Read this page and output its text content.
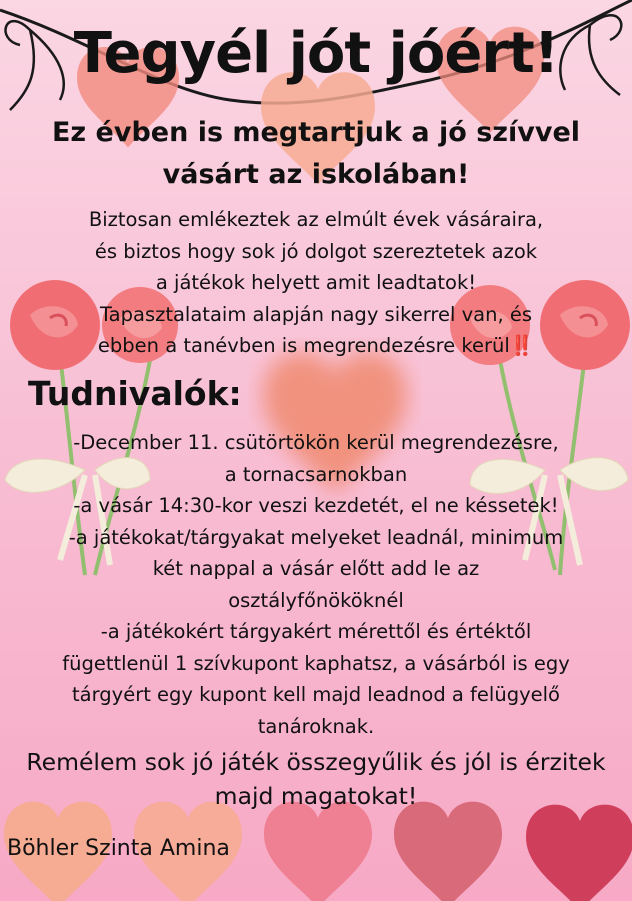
Tegyél jót jóért!
Ez évben is megtartjuk a jó szívvel
vásárt az iskolában!
Biztosan emlékeztek az elmúlt évek vásáraira,
és biztos hogy sok jó dolgot szereztetek azok
a játékok helyett amit leadtatok!
Tapasztalataim alapján nagy sikerrel van, és
ebben a tanévben is megrendezésre kerül‼️
Tudnivalók:
-December 11. csütörtökön kerül megrendezésre,
a tornacsarnokban
-a vásár 14:30-kor veszi kezdetét, el ne késsetek!
-a játékokat/tárgyakat melyeket leadnál, minimum
két nappal a vásár előtt add le az
osztályfőnököknél
-a játékokért tárgyakért mérettől és értéktől
fügettlenül 1 szívkupont kaphatsz, a vásárból is egy
tárgyért egy kupont kell majd leadnod a felügyelő
tanároknak.
Remélem sok jó játék összegyűlik és jól is érzitek
majd magatokat!
Böhler Szinta Amina
